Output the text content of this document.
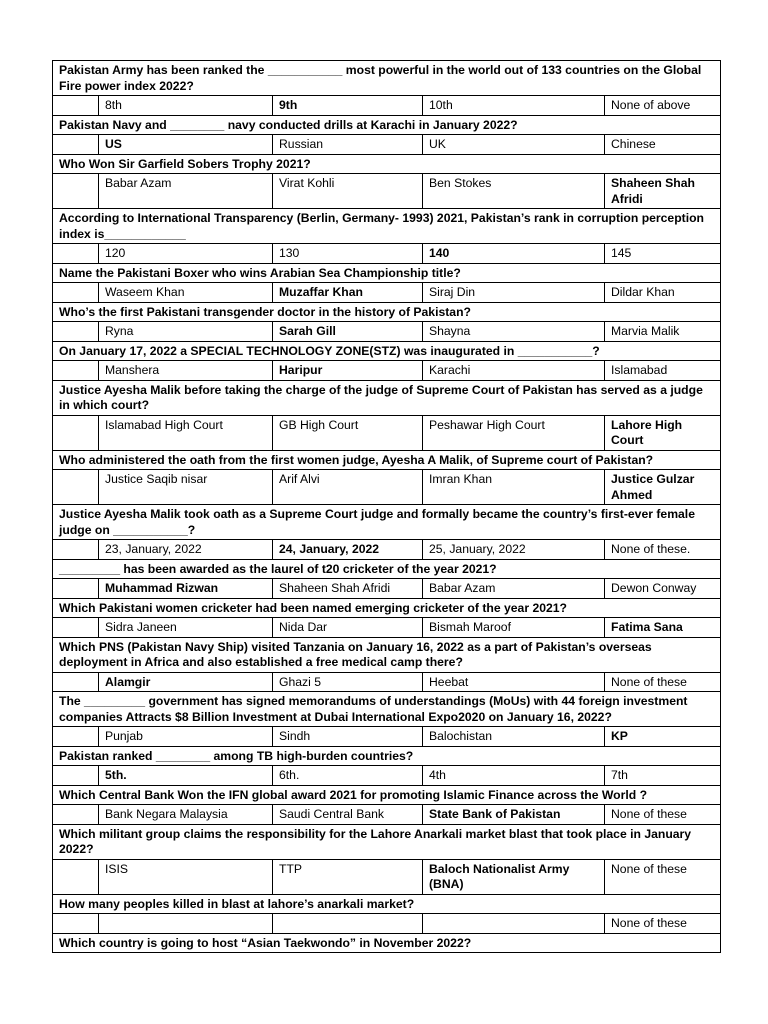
Pakistan Army has been ranked the ___________ most powerful in the world out of 133 countries on the Global Fire power index 2022?				
	8th	9th	10th	None of above
Pakistan Navy and ________ navy conducted drills at Karachi in January 2022?				
	US	Russian	UK	Chinese
Who Won Sir Garfield Sobers Trophy 2021?				
	Babar Azam	Virat Kohli	Ben Stokes	Shaheen Shah Afridi
According to International Transparency (Berlin, Germany- 1993) 2021, Pakistan’s rank in corruption perception index is____________				
	120	130	140	145
Name the Pakistani Boxer who wins Arabian Sea Championship title?				
	Waseem Khan	Muzaffar Khan	Siraj Din	Dildar Khan
Who’s the first Pakistani transgender doctor in the history of Pakistan?				
	Ryna	Sarah Gill	Shayna	Marvia Malik
On January 17, 2022 a SPECIAL TECHNOLOGY ZONE(STZ) was inaugurated in ___________?				
	Manshera	Haripur	Karachi	Islamabad
Justice Ayesha Malik before taking the charge of the judge of Supreme Court of Pakistan has served as a judge in which court?				
	Islamabad High Court	GB High Court	Peshawar High Court	Lahore High Court
Who administered the oath from the first women judge, Ayesha A Malik, of Supreme court of Pakistan?				
	Justice Saqib nisar	Arif Alvi	Imran Khan	Justice Gulzar Ahmed
Justice Ayesha Malik took oath as a Supreme Court judge and formally became the country’s first-ever female judge on ___________?				
	23, January, 2022	24, January, 2022	25, January, 2022	None of these.
_________ has been awarded as the laurel of t20 cricketer of the year 2021?				
	Muhammad Rizwan	Shaheen Shah Afridi	Babar Azam	Dewon Conway
Which Pakistani women cricketer had been named emerging cricketer of the year 2021?				
	Sidra Janeen	Nida Dar	Bismah Maroof	Fatima Sana
Which PNS (Pakistan Navy Ship) visited Tanzania on January 16, 2022 as a part of Pakistan’s overseas deployment in Africa and also established a free medical camp there?				
	Alamgir	Ghazi 5	Heebat	None of these
The _________ government has signed memorandums of understandings (MoUs) with 44 foreign investment companies Attracts $8 Billion Investment at Dubai International Expo2020 on January 16, 2022?				
	Punjab	Sindh	Balochistan	KP
Pakistan ranked ________ among TB high-burden countries?				
	5th.	6th.	4th	7th
Which Central Bank Won the IFN global award 2021 for promoting Islamic Finance across the World ?				
	Bank Negara Malaysia	Saudi Central Bank	State Bank of Pakistan	None of these
Which militant group claims the responsibility for the Lahore Anarkali market blast that took place in January 2022?				
	ISIS	TTP	Baloch Nationalist Army (BNA)	None of these
How many peoples killed in blast at lahore’s anarkali market?				
				None of these
Which country is going to host “Asian Taekwondo” in November 2022?				
